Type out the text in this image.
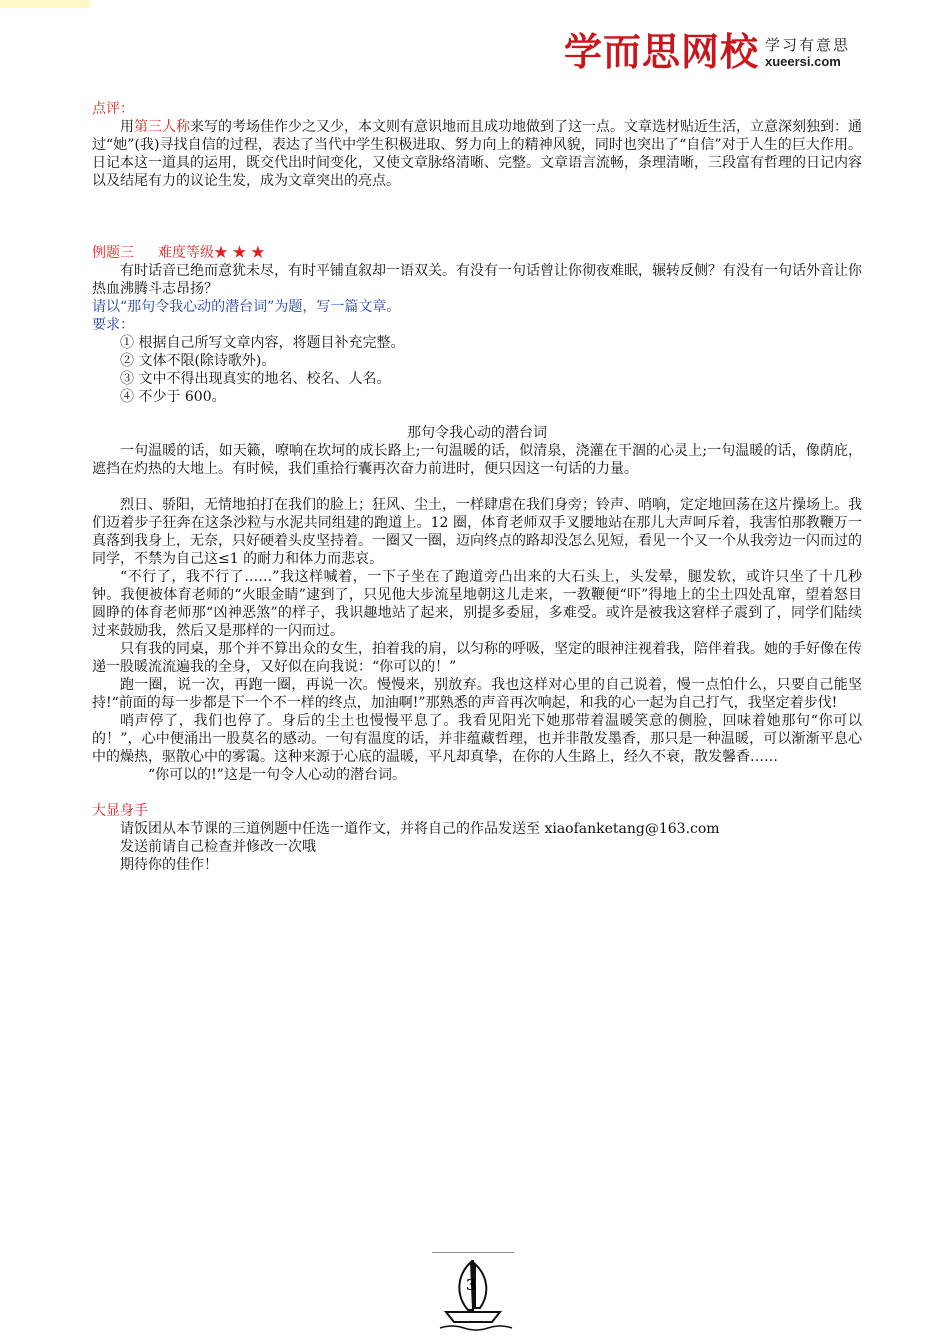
学而思网校 学习有意思
xueersi.com
点评：

用第三人称来写的考场佳作少之又少，本文则有意识地而且成功地做到了这一点。文章选材贴近生活，立意深刻独到：通过“她”(我)寻找自信的过程，表达了当代中学生积极进取、努力向上的精神风貌，同时也突出了“自信”对于人生的巨大作用。日记本这一道具的运用，既交代出时间变化，又使文章脉络清晰、完整。文章语言流畅，条理清晰，三段富有哲理的日记内容以及结尾有力的议论生发，成为文章突出的亮点。

例题三 难度等级★ ★ ★

有时话音已绝而意犹未尽，有时平铺直叙却一语双关。有没有一句话曾让你彻夜难眠，辗转反侧？有没有一句话外音让你热血沸腾斗志昂扬？

请以“那句令我心动的潜台词”为题，写一篇文章。

要求：

① 根据自己所写文章内容，将题目补充完整。

② 文体不限(除诗歌外)。

③ 文中不得出现真实的地名、校名、人名。

④ 不少于 600。

那句令我心动的潜台词

一句温暖的话，如天籁，嘹响在坎坷的成长路上;一句温暖的话，似清泉，浇灌在干涸的心灵上;一句温暖的话，像荫庇，遮挡在灼热的大地上。有时候，我们重拾行囊再次奋力前进时，便只因这一句话的力量。

烈日、骄阳，无情地拍打在我们的脸上；狂风、尘土，一样肆虐在我们身旁；铃声、哨响，定定地回荡在这片操场上。我们迈着步子狂奔在这条沙粒与水泥共同组建的跑道上。12 圈，体育老师双手叉腰地站在那儿大声呵斥着，我害怕那教鞭万一真落到我身上，无奈，只好硬着头皮坚持着。一圈又一圈，迈向终点的路却没怎么见短，看见一个又一个从我旁边一闪而过的同学，不禁为自己这≤1 的耐力和体力而悲哀。

“不行了，我不行了……”我这样喊着，一下子坐在了跑道旁凸出来的大石头上，头发晕，腿发软，或许只坐了十几秒钟。我便被体育老师的“火眼金睛”逮到了，只见他大步流星地朝这儿走来，一教鞭便“吓”得地上的尘土四处乱窜，望着怒目圆睁的体育老师那“凶神恶煞”的样子，我识趣地站了起来，别提多委屈，多难受。或许是被我这窘样子震到了，同学们陆续过来鼓励我，然后又是那样的一闪而过。

只有我的同桌，那个并不算出众的女生，拍着我的肩，以匀称的呼吸，坚定的眼神注视着我，陪伴着我。她的手好像在传递一股暖流流遍我的全身，又好似在向我说：“你可以的！”

跑一圈，说一次，再跑一圈，再说一次。慢慢来，别放弃。我也这样对心里的自己说着，慢一点怕什么，只要自己能坚持!“前面的每一步都是下一个不一样的终点，加油啊!”那熟悉的声音再次响起，和我的心一起为自己打气，我坚定着步伐!

哨声停了，我们也停了。身后的尘土也慢慢平息了。我看见阳光下她那带着温暖笑意的侧脸，回味着她那句“你可以的！”，心中便涌出一股莫名的感动。一句有温度的话，并非蕴藏哲理，也并非散发墨香，那只是一种温暖，可以渐渐平息心中的燥热，驱散心中的雾霭。这种来源于心底的温暖，平凡却真挚，在你的人生路上，经久不衰，散发馨香……

“你可以的!”这是一句令人心动的潜台词。

大显身手

请饭团从本节课的三道例题中任选一道作文，并将自己的作品发送至 xiaofanketang@163.com

发送前请自己检查并修改一次哦

期待你的佳作！

3
